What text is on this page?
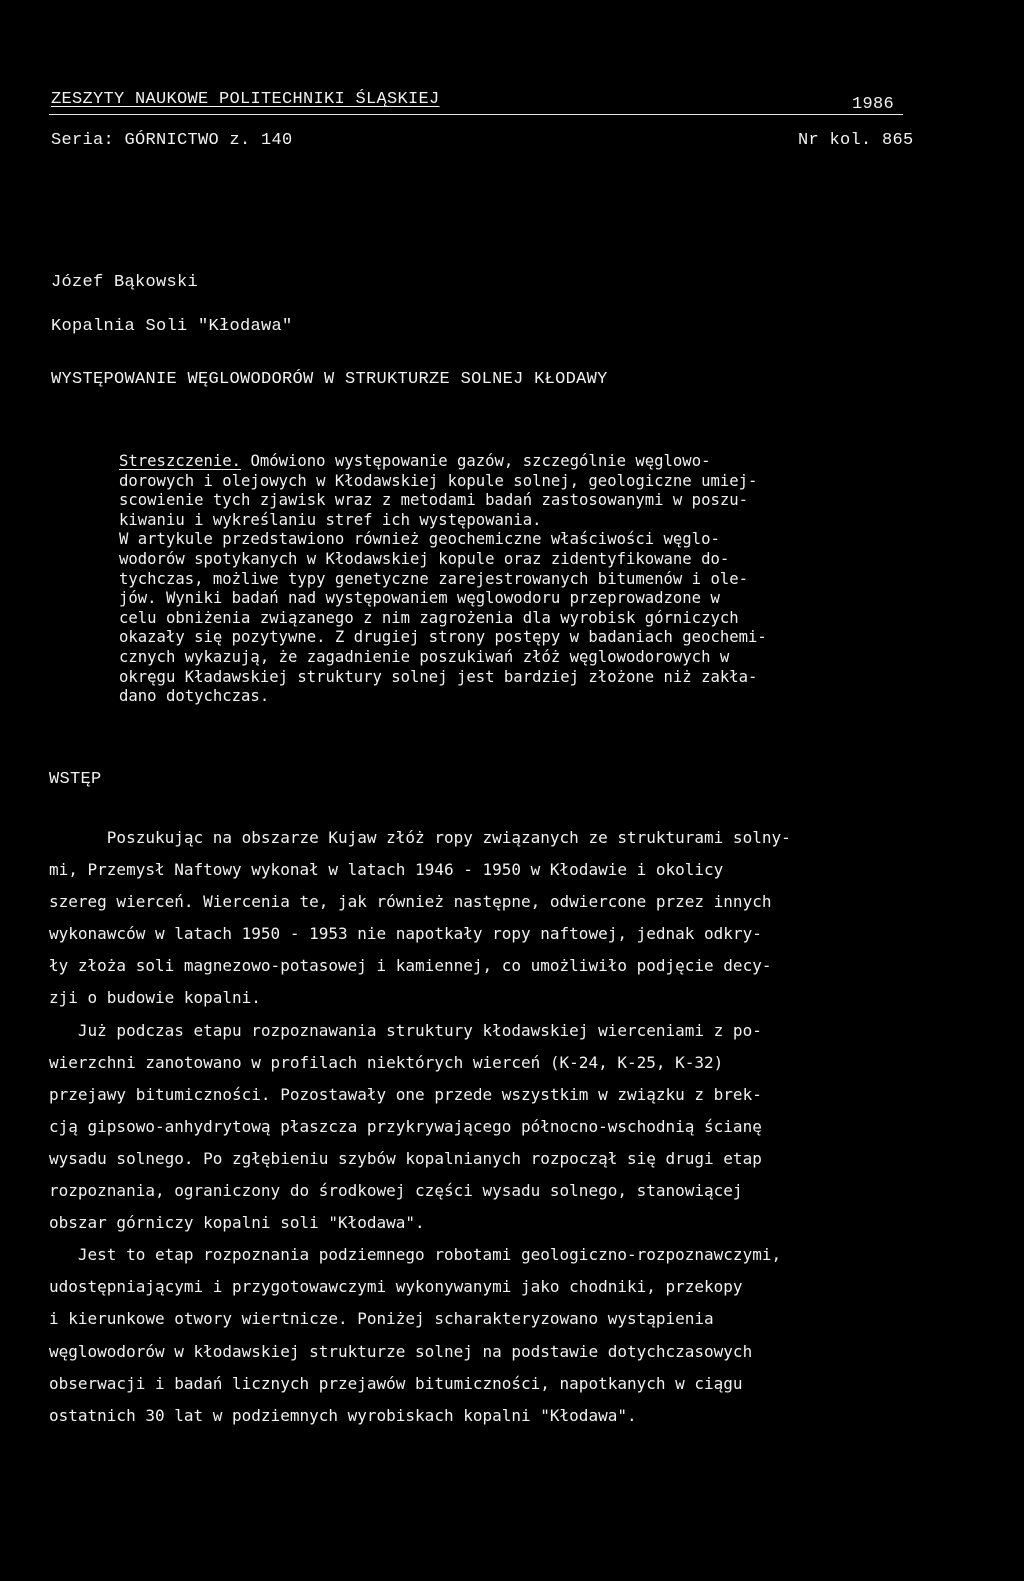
ZESZYTY NAUKOWE POLITECHNIKI ŚLĄSKIEJ	1986
Seria: GÓRNICTWO z. 140	Nr kol. 865
Józef Bąkowski
Kopalnia Soli "Kłodawa"
WYSTĘPOWANIE WĘGLOWODORÓW W STRUKTURZE SOLNEJ KŁODAWY
Streszczenie. Omówiono występowanie gazów, szczególnie węglowo-
dorowych i olejowych w Kłodawskiej kopule solnej, geologiczne umiej-
scowienie tych zjawisk wraz z metodami badań zastosowanymi w poszu-
kiwaniu i wykreślaniu stref ich występowania.
W artykule przedstawiono również geochemiczne właściwości węglo-
wodorów spotykanych w Kłodawskiej kopule oraz zidentyfikowane do-
tychczas, możliwe typy genetyczne zarejestrowanych bitumenów i ole-
jów. Wyniki badań nad występowaniem węglowodoru przeprowadzone w
celu obniżenia związanego z nim zagrożenia dla wyrobisk górniczych
okazały się pozytywne. Z drugiej strony postępy w badaniach geochemi-
cznych wykazują, że zagadnienie poszukiwań złóż węglowodorowych w
okręgu Kładawskiej struktury solnej jest bardziej złożone niż zakła-
dano dotychczas.
WSTĘP
Poszukując na obszarze Kujaw złóż ropy związanych ze strukturami solny-
mi, Przemysł Naftowy wykonał w latach 1946 - 1950 w Kłodawie i okolicy
szereg wierceń. Wiercenia te, jak również następne, odwiercone przez innych
wykonawców w latach 1950 - 1953 nie napotkały ropy naftowej, jednak odkry-
ły złoża soli magnezowo-potasowej i kamiennej, co umożliwiło podjęcie decy-
zji o budowie kopalni.
Już podczas etapu rozpoznawania struktury kłodawskiej wierceniami z po-
wierzchni zanotowano w profilach niektórych wierceń (K-24, K-25, K-32)
przejawy bitumiczności. Pozostawały one przede wszystkim w związku z brek-
cją gipsowo-anhydrytową płaszcza przykrywającego północno-wschodnią ścianę
wysadu solnego. Po zgłębieniu szybów kopalnianych rozpoczął się drugi etap
rozpoznania, ograniczony do środkowej części wysadu solnego, stanowiącej
obszar górniczy kopalni soli "Kłodawa".
Jest to etap rozpoznania podziemnego robotami geologiczno-rozpoznawczymi,
udostępniającymi i przygotowawczymi wykonywanymi jako chodniki, przekopy
i kierunkowe otwory wiertnicze. Poniżej scharakteryzowano wystąpienia
węglowodorów w kłodawskiej strukturze solnej na podstawie dotychczasowych
obserwacji i badań licznych przejawów bitumiczności, napotkanych w ciągu
ostatnich 30 lat w podziemnych wyrobiskach kopalni "Kłodawa".
